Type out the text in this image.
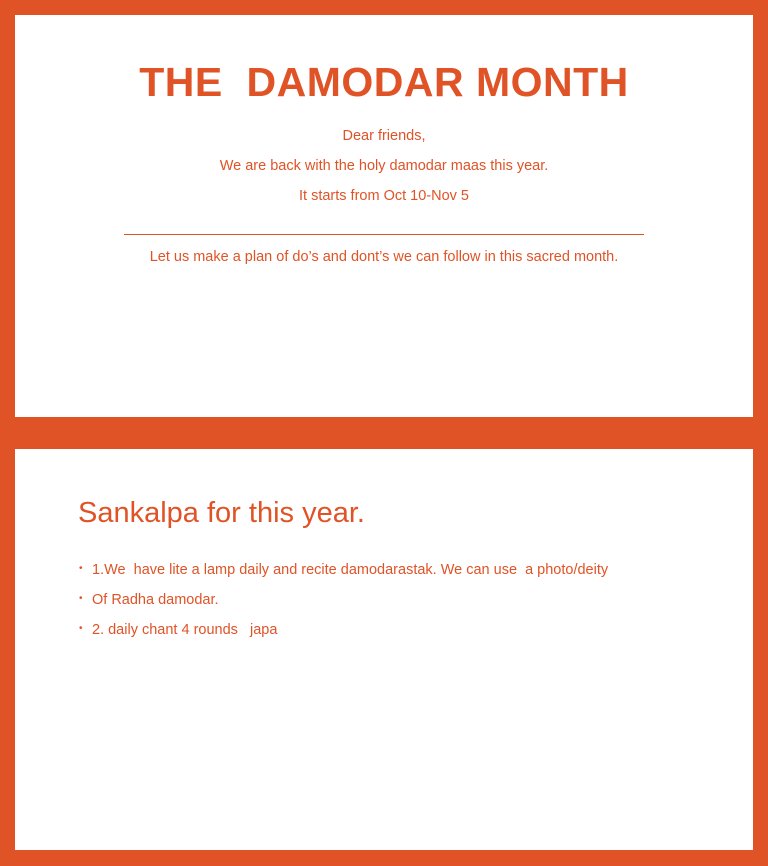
THE  DAMODAR MONTH
Dear friends,
We are back with the holy damodar maas this year.
It starts from Oct 10-Nov 5
Let us make a plan of do’s and dont’s we can follow in this sacred month.
Sankalpa for this year.
• 1.We  have lite a lamp daily and recite damodarastak. We can use  a photo/deity
• Of Radha damodar.
• 2. daily chant 4 rounds   japa
